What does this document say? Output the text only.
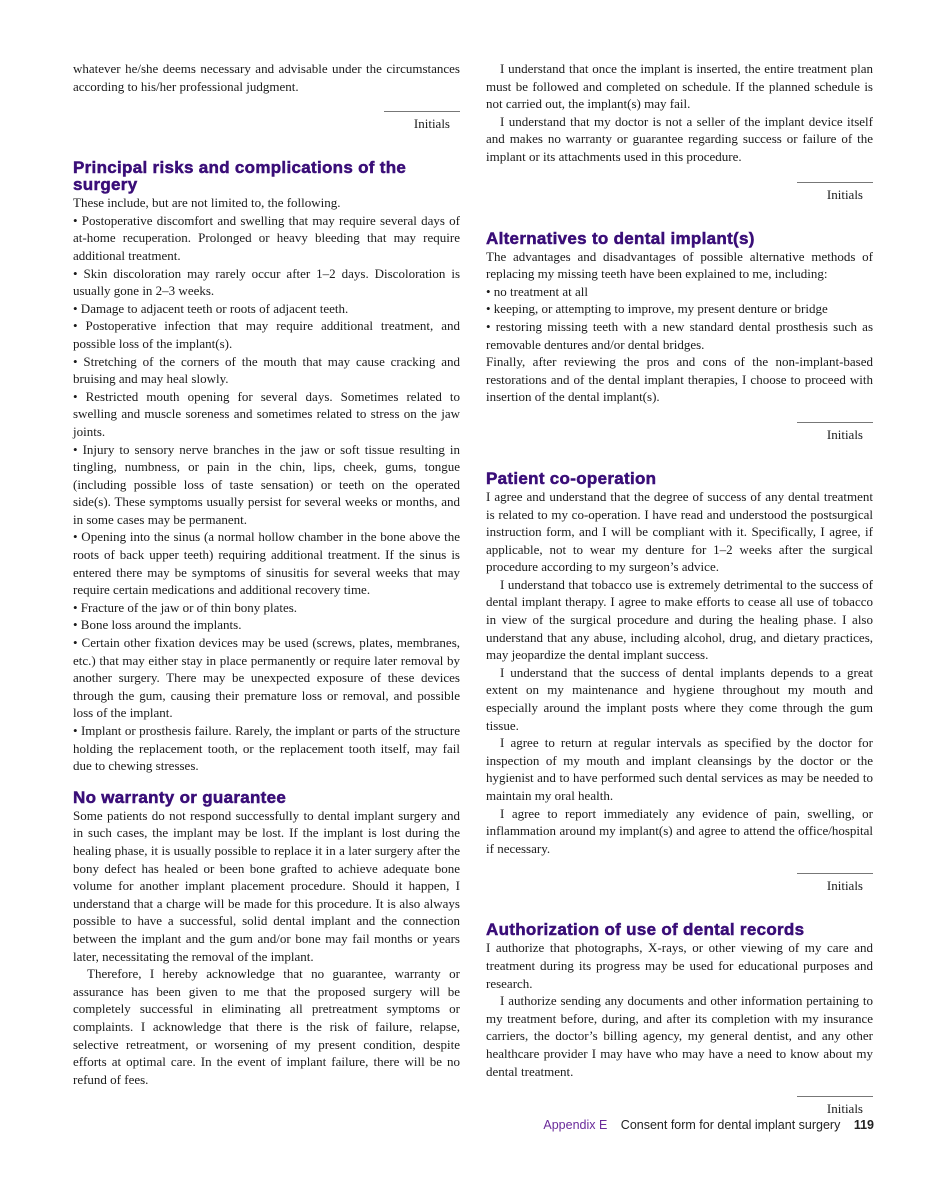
whatever he/she deems necessary and advisable under the circumstances according to his/her professional judgment.

Initials
Principal risks and complications of the surgery

These include, but are not limited to, the following.

• Postoperative discomfort and swelling that may require several days of at-home recuperation. Prolonged or heavy bleeding that may require additional treatment.

• Skin discoloration may rarely occur after 1–2 days. Discoloration is usually gone in 2–3 weeks.

• Damage to adjacent teeth or roots of adjacent teeth.

• Postoperative infection that may require additional treatment, and possible loss of the implant(s).

• Stretching of the corners of the mouth that may cause cracking and bruising and may heal slowly.

• Restricted mouth opening for several days. Sometimes related to swelling and muscle soreness and sometimes related to stress on the jaw joints.

• Injury to sensory nerve branches in the jaw or soft tissue resulting in tingling, numbness, or pain in the chin, lips, cheek, gums, tongue (including possible loss of taste sensation) or teeth on the operated side(s). These symptoms usually persist for several weeks or months, and in some cases may be permanent.

• Opening into the sinus (a normal hollow chamber in the bone above the roots of back upper teeth) requiring additional treatment. If the sinus is entered there may be symptoms of sinusitis for several weeks that may require certain medications and additional recovery time.

• Fracture of the jaw or of thin bony plates.

• Bone loss around the implants.

• Certain other fixation devices may be used (screws, plates, membranes, etc.) that may either stay in place permanently or require later removal by another surgery. There may be unexpected exposure of these devices through the gum, causing their premature loss or removal, and possible loss of the implant.

• Implant or prosthesis failure. Rarely, the implant or parts of the structure holding the replacement tooth, or the replacement tooth itself, may fail due to chewing stresses.

No warranty or guarantee

Some patients do not respond successfully to dental implant surgery and in such cases, the implant may be lost. If the implant is lost during the healing phase, it is usually possible to replace it in a later surgery after the bony defect has healed or been bone grafted to achieve adequate bone volume for another implant placement procedure. Should it happen, I understand that a charge will be made for this procedure. It is also always possible to have a successful, solid dental implant and the connection between the implant and the gum and/or bone may fail months or years later, necessitating the removal of the implant.

Therefore, I hereby acknowledge that no guarantee, warranty or assurance has been given to me that the proposed surgery will be completely successful in eliminating all pretreatment symptoms or complaints. I acknowledge that there is the risk of failure, relapse, selective retreatment, or worsening of my present condition, despite efforts at optimal care. In the event of implant failure, there will be no refund of fees.

I understand that once the implant is inserted, the entire treatment plan must be followed and completed on schedule. If the planned schedule is not carried out, the implant(s) may fail.

I understand that my doctor is not a seller of the implant device itself and makes no warranty or guarantee regarding success or failure of the implant or its attachments used in this procedure.

Initials
Alternatives to dental implant(s)

The advantages and disadvantages of possible alternative methods of replacing my missing teeth have been explained to me, including:

• no treatment at all

• keeping, or attempting to improve, my present denture or bridge

• restoring missing teeth with a new standard dental prosthesis such as removable dentures and/or dental bridges.

Finally, after reviewing the pros and cons of the non-implant-based restorations and of the dental implant therapies, I choose to proceed with insertion of the dental implant(s).

Initials
Patient co-operation

I agree and understand that the degree of success of any dental treatment is related to my co-operation. I have read and understood the postsurgical instruction form, and I will be compliant with it. Specifically, I agree, if applicable, not to wear my denture for 1–2 weeks after the surgical procedure according to my surgeon’s advice.

I understand that tobacco use is extremely detrimental to the success of dental implant therapy. I agree to make efforts to cease all use of tobacco in view of the surgical procedure and during the healing phase. I also understand that any abuse, including alcohol, drug, and dietary practices, may jeopardize the dental implant success.

I understand that the success of dental implants depends to a great extent on my maintenance and hygiene throughout my mouth and especially around the implant posts where they come through the gum tissue.

I agree to return at regular intervals as specified by the doctor for inspection of my mouth and implant cleansings by the doctor or the hygienist and to have performed such dental services as may be needed to maintain my oral health.

I agree to report immediately any evidence of pain, swelling, or inflammation around my implant(s) and agree to attend the office/hospital if necessary.

Initials
Authorization of use of dental records

I authorize that photographs, X-rays, or other viewing of my care and treatment during its progress may be used for educational purposes and research.

I authorize sending any documents and other information pertaining to my treatment before, during, and after its completion with my insurance carriers, the doctor’s billing agency, my general dentist, and any other healthcare provider I may have who may have a need to know about my dental treatment.

Initials
Appendix E Consent form for dental implant surgery 119
